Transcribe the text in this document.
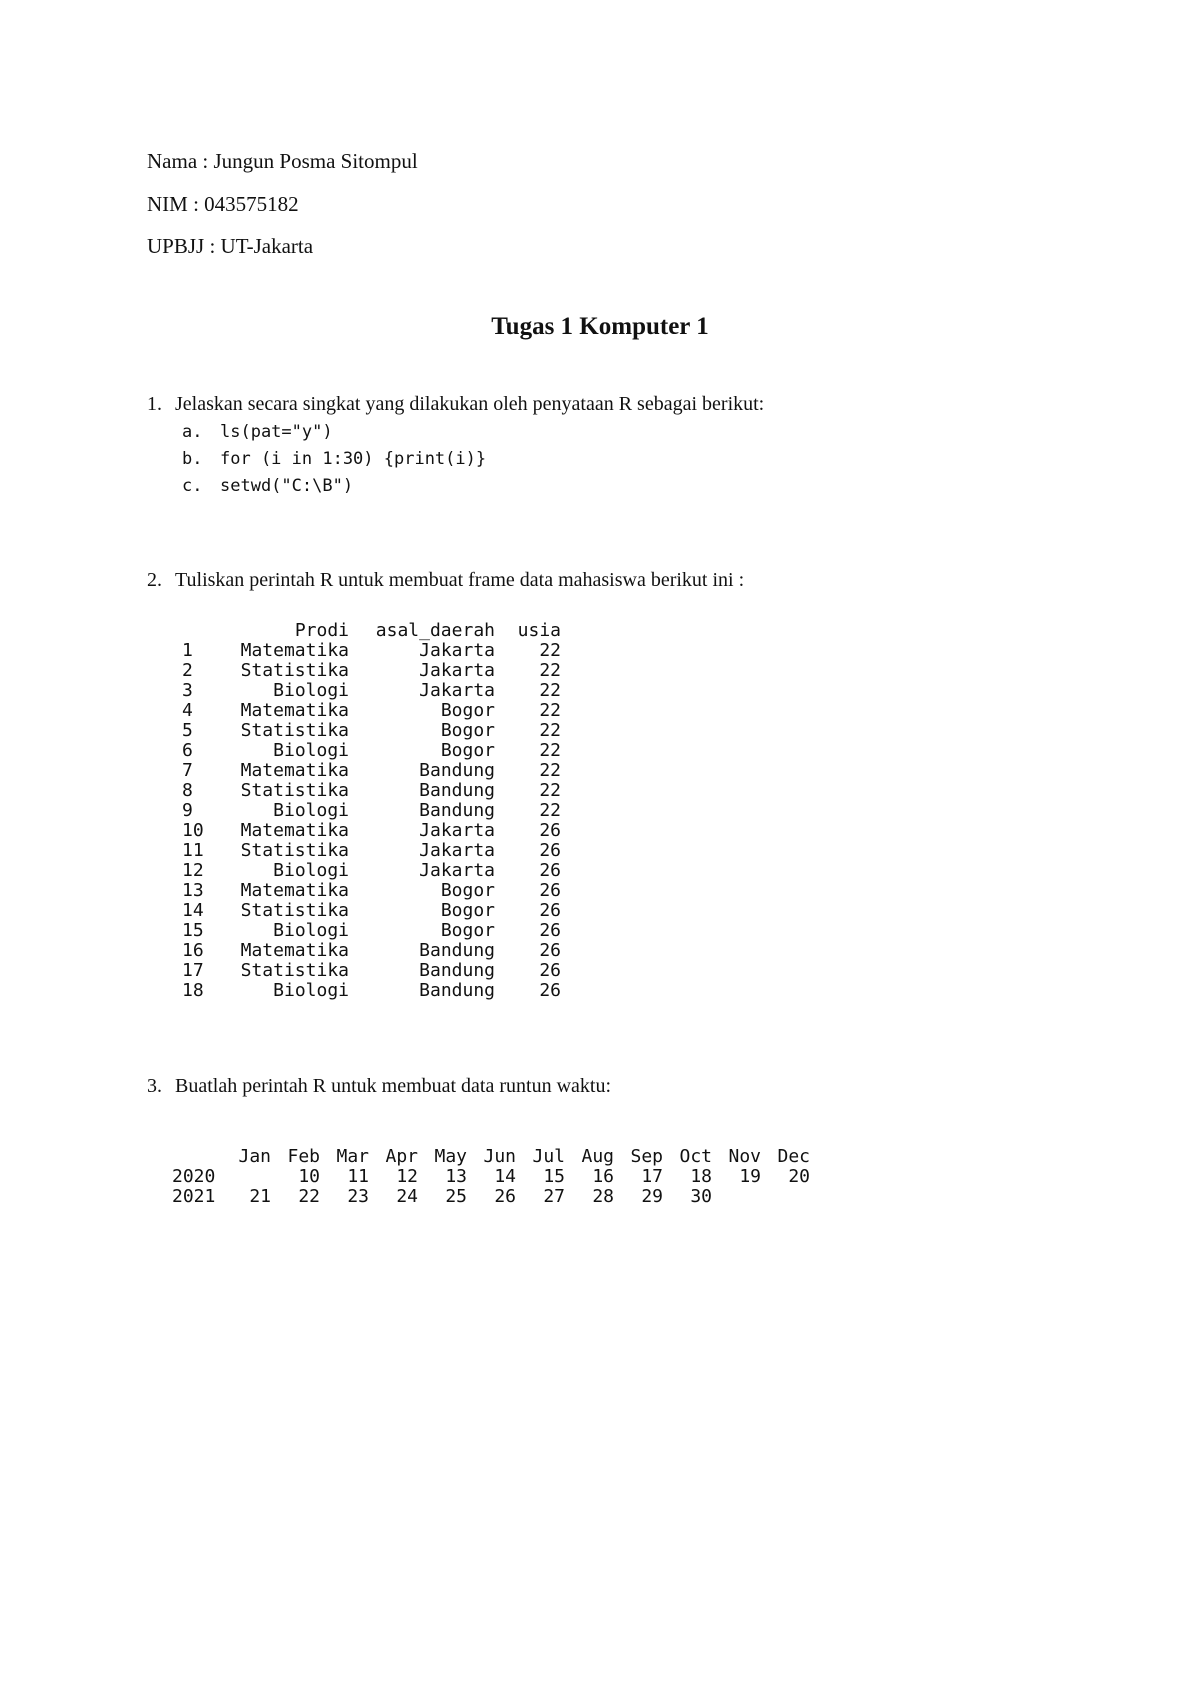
Nama : Jungun Posma Sitompul
NIM : 043575182
UPBJJ : UT-Jakarta
Tugas 1 Komputer 1
1. Jelaskan secara singkat yang dilakukan oleh penyataan R sebagai berikut:
a. ls(pat="y")
b. for (i in 1:30) {print(i)}
c. setwd("C:\B")
2. Tuliskan perintah R untuk membuat frame data mahasiswa berikut ini :
	Prodi	asal_daerah	usia
1	Matematika	Jakarta	22
2	Statistika	Jakarta	22
3	Biologi	Jakarta	22
4	Matematika	Bogor	22
5	Statistika	Bogor	22
6	Biologi	Bogor	22
7	Matematika	Bandung	22
8	Statistika	Bandung	22
9	Biologi	Bandung	22
10	Matematika	Jakarta	26
11	Statistika	Jakarta	26
12	Biologi	Jakarta	26
13	Matematika	Bogor	26
14	Statistika	Bogor	26
15	Biologi	Bogor	26
16	Matematika	Bandung	26
17	Statistika	Bandung	26
18	Biologi	Bandung	26
3. Buatlah perintah R untuk membuat data runtun waktu:
	Jan	Feb	Mar	Apr	May	Jun	Jul	Aug	Sep	Oct	Nov	Dec
2020		10	11	12	13	14	15	16	17	18	19	20
2021	21	22	23	24	25	26	27	28	29	30		
